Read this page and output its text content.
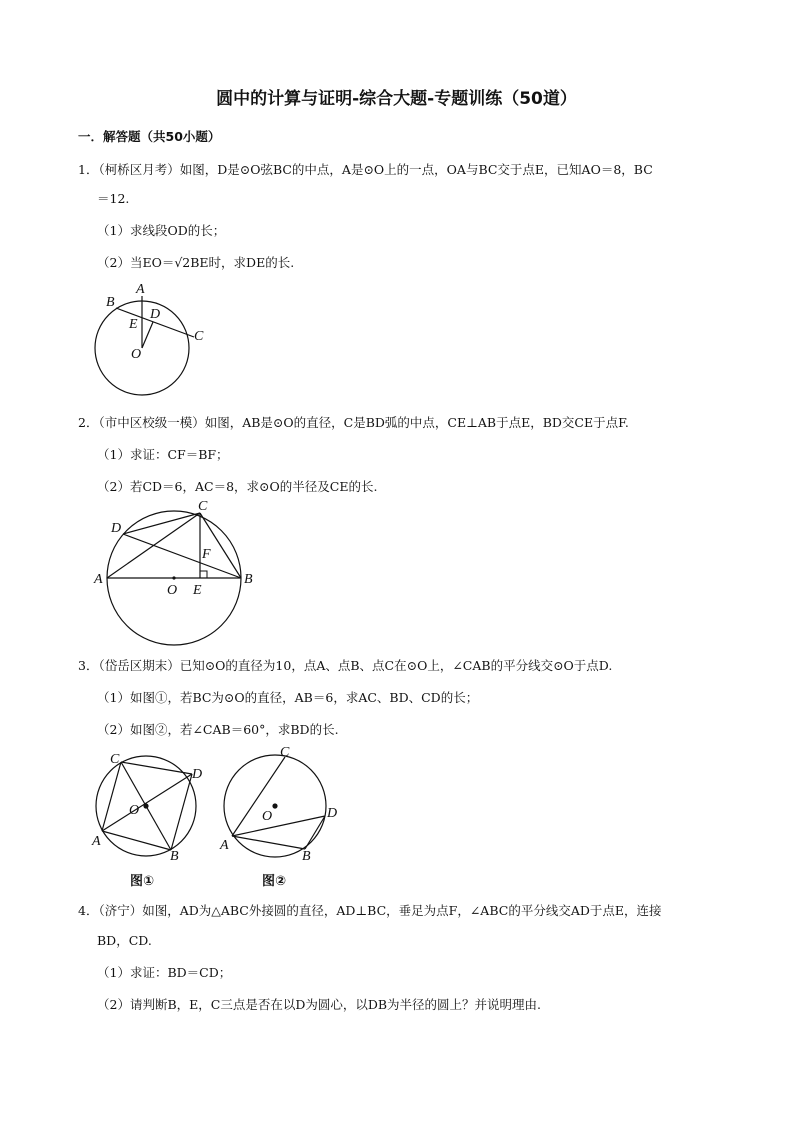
圆中的计算与证明-综合大题-专题训练（50道）
一．解答题（共50小题）
1．（柯桥区月考）如图，D是⊙O弦BC的中点，A是⊙O上的一点，OA与BC交于点E，已知AO＝8，BC
＝12.
（1）求线段OD的长；
（2）当EO＝√2BE时，求DE的长.
A
B
C
D
E
O
2．（市中区校级一模）如图，AB是⊙O的直径，C是BD弧的中点，CE⊥AB于点E，BD交CE于点F.
（1）求证：CF＝BF；
（2）若CD＝6，AC＝8，求⊙O的半径及CE的长.
A	B
C
D
E
F
O
3．（岱岳区期末）已知⊙O的直径为10，点A、点B、点C在⊙O上，∠CAB的平分线交⊙O于点D.
（1）如图①，若BC为⊙O的直径，AB＝6，求AC、BD、CD的长；
（2）如图②，若∠CAB＝60°，求BD的长.
A
B
C
D
O
图①
A
B
C
D
O
图②
4．（济宁）如图，AD为△ABC外接圆的直径，AD⊥BC，垂足为点F，∠ABC的平分线交AD于点E，连接
BD，CD.
（1）求证：BD＝CD；
（2）请判断B，E，C三点是否在以D为圆心，以DB为半径的圆上？并说明理由.
